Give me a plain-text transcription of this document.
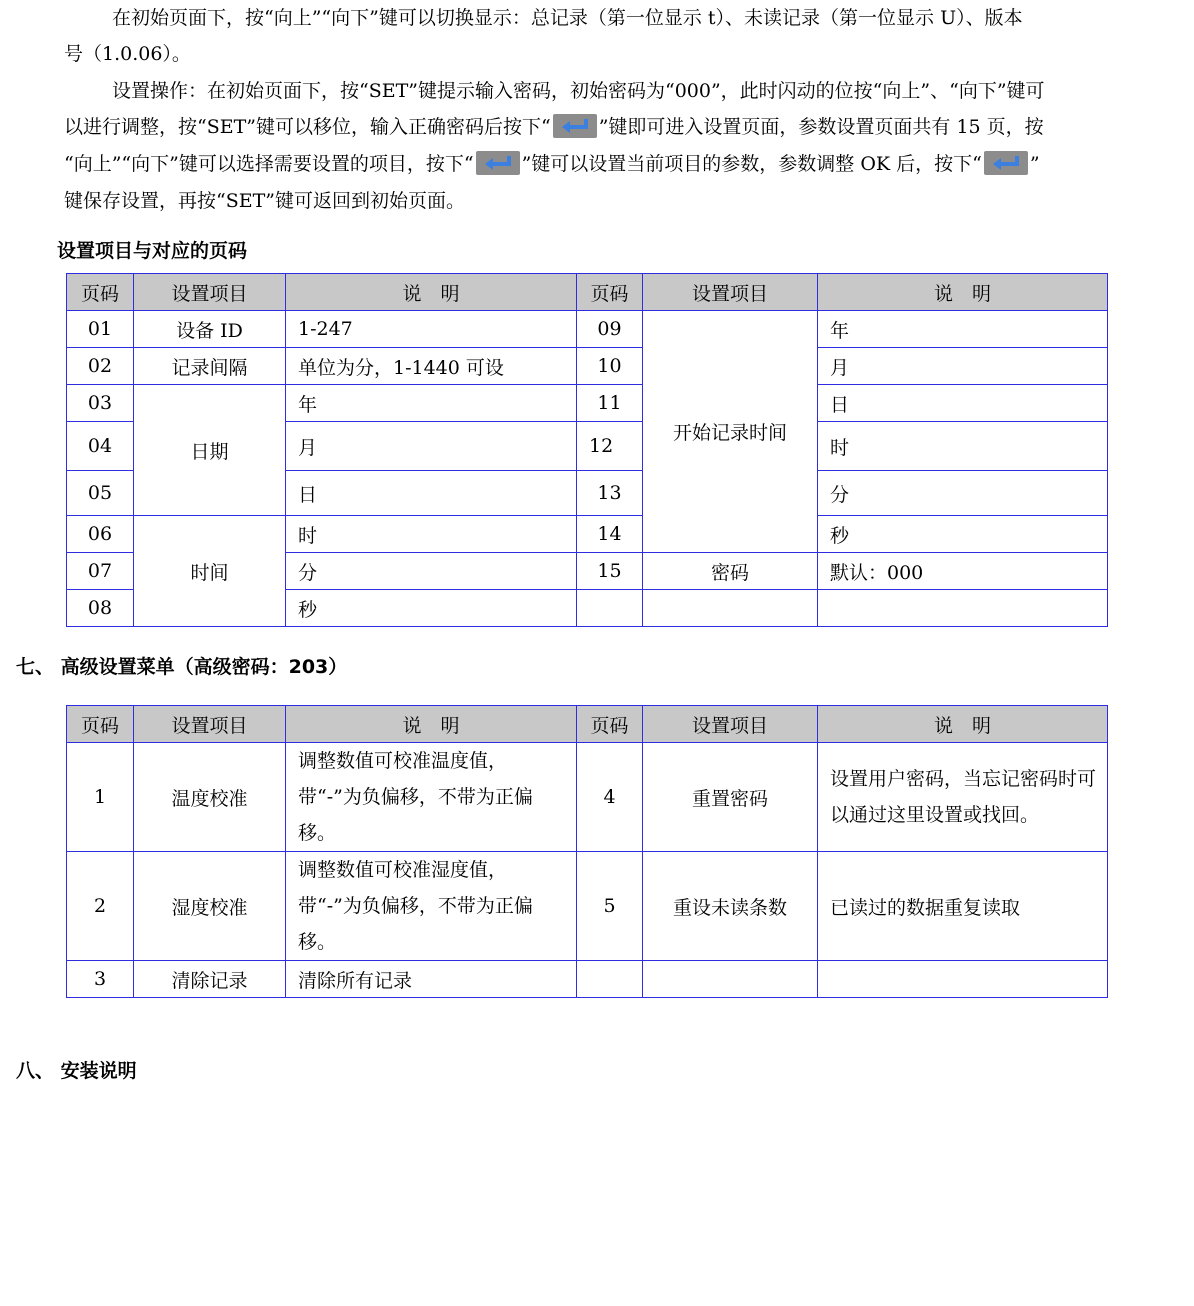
在初始页面下，按“向上”“向下”键可以切换显示：总记录（第一位显示 t）、未读记录（第一位显示 U）、版本
号（1.0.06）。
设置操作：在初始页面下，按“SET”键提示输入密码，初始密码为“000”，此时闪动的位按“向上”、“向下”键可
以进行调整，按“SET”键可以移位，输入正确密码后按下“	”键即可进入设置页面，参数设置页面共有 15 页，按
“向上”“向下”键可以选择需要设置的项目，按下“	”键可以设置当前项目的参数，参数调整 OK 后，按下“	”
键保存设置，再按“SET”键可返回到初始页面。
设置项目与对应的页码
页码	设置项目	说　明	页码	设置项目	说　明
01	设备 ID	1-247	09	开始记录时间	年
02	记录间隔	单位为分，1-1440 可设	10		月
03	日期	年	11		日
04		月	12		时
05		日	13		分
06	时间	时	14		秒
07		分	15	密码	默认：000
08		秒			
七、 高级设置菜单（高级密码：203）
页码	设置项目	说　明	页码	设置项目	说　明
1	温度校准	调整数值可校准温度值，带“-”为负偏移，不带为正偏移。	4	重置密码	设置用户密码，当忘记密码时可以通过这里设置或找回。
2	湿度校准	调整数值可校准湿度值，带“-”为负偏移，不带为正偏移。	5	重设未读条数	已读过的数据重复读取
3	清除记录	清除所有记录			
八、 安装说明
